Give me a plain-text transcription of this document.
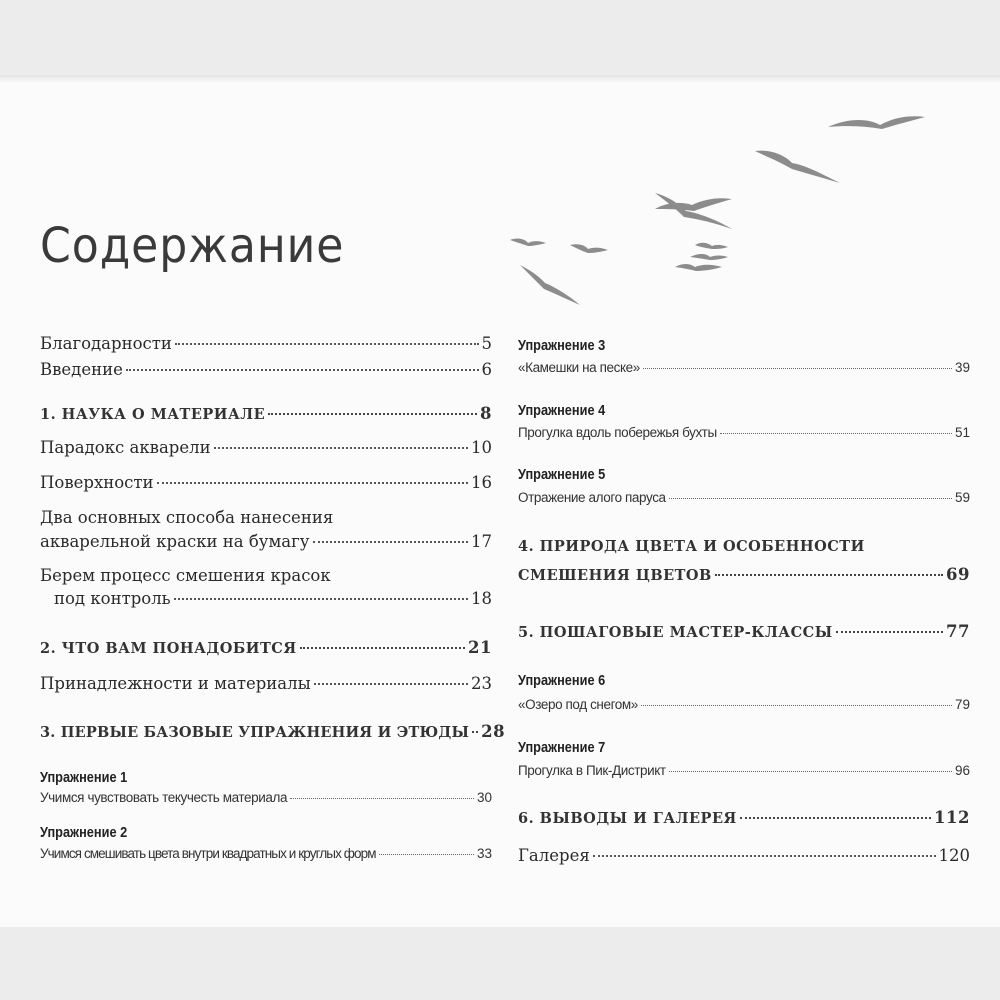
Содержание
Благодарности	5
Введение	6
1. НАУКА О МАТЕРИАЛЕ	8
Парадокс акварели	10
Поверхности	16
Два основных способа нанесения
акварельной краски на бумагу	17
Берем процесс смешения красок
под контроль	18
2. ЧТО ВАМ ПОНАДОБИТСЯ	21
Принадлежности и материалы	23
3. ПЕРВЫЕ БАЗОВЫЕ УПРАЖНЕНИЯ И ЭТЮДЫ 28
Упражнение 1
Учимся чувствовать текучесть материала	30
Упражнение 2
Учимся смешивать цвета внутри квадратных и круглых форм	33
Упражнение 3
«Камешки на песке»	39
Упражнение 4
Прогулка вдоль побережья бухты	51
Упражнение 5
Отражение алого паруса	59
4. ПРИРОДА ЦВЕТА И ОСОБЕННОСТИ
СМЕШЕНИЯ ЦВЕТОВ	69
5. ПОШАГОВЫЕ МАСТЕР-КЛАССЫ	77
Упражнение 6
«Озеро под снегом»	79
Упражнение 7
Прогулка в Пик-Дистрикт	96
6. ВЫВОДЫ И ГАЛЕРЕЯ	112
Галерея	120
